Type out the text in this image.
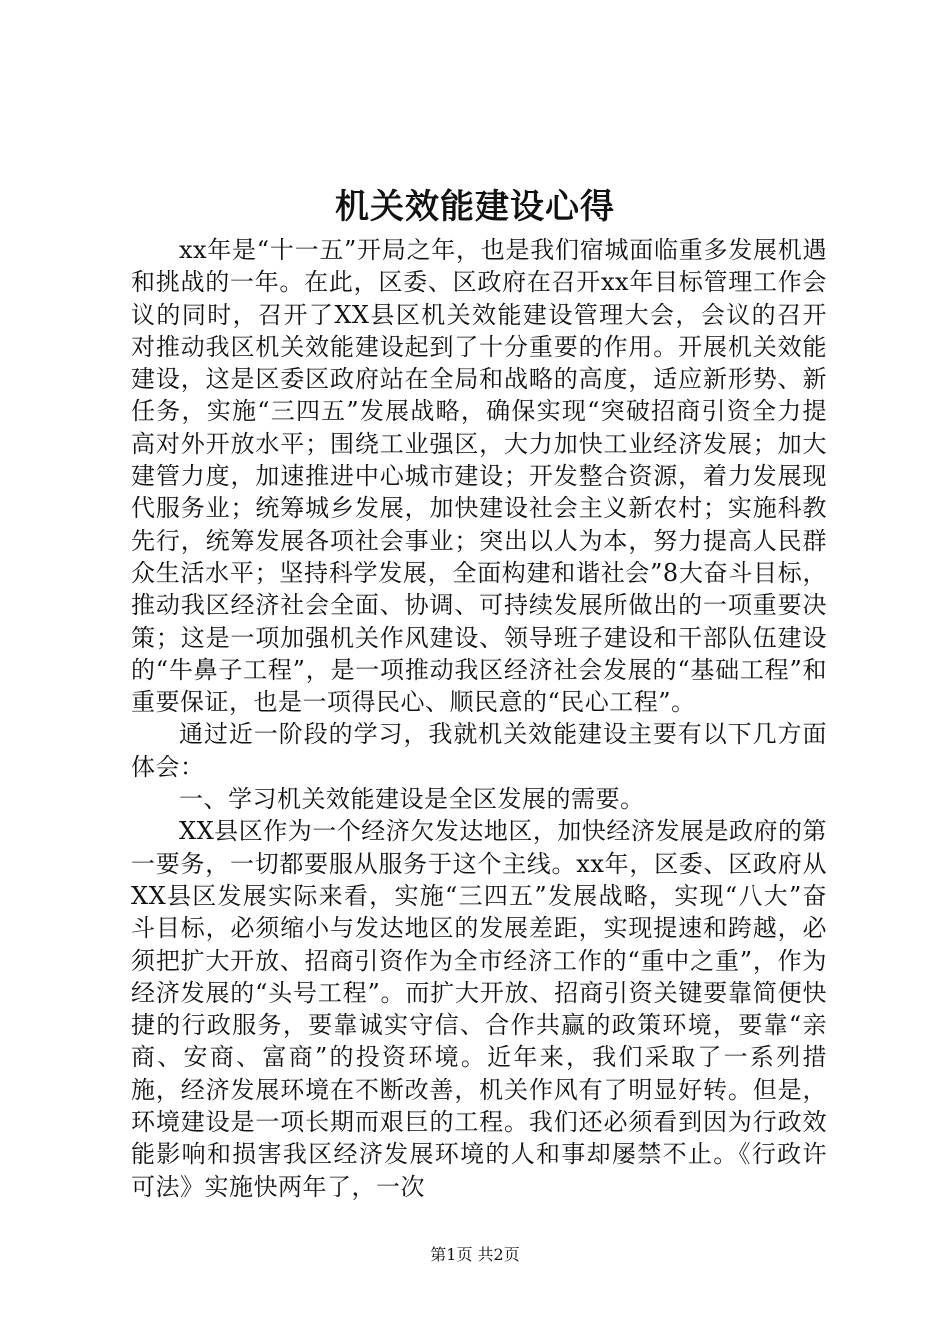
机关效能建设心得

xx年是“十一五”开局之年，也是我们宿城面临重多发展机遇和挑战的一年。在此，区委、区政府在召开xx年目标管理工作会议的同时，召开了XX县区机关效能建设管理大会，会议的召开对推动我区机关效能建设起到了十分重要的作用。开展机关效能建设，这是区委区政府站在全局和战略的高度，适应新形势、新任务，实施“三四五”发展战略，确保实现“突破招商引资全力提高对外开放水平；围绕工业强区，大力加快工业经济发展；加大建管力度，加速推进中心城市建设；开发整合资源，着力发展现代服务业；统筹城乡发展，加快建设社会主义新农村；实施科教先行，统筹发展各项社会事业；突出以人为本，努力提高人民群众生活水平；坚持科学发展，全面构建和谐社会”8大奋斗目标，推动我区经济社会全面、协调、可持续发展所做出的一项重要决策；这是一项加强机关作风建设、领导班子建设和干部队伍建设的“牛鼻子工程”，是一项推动我区经济社会发展的“基础工程”和重要保证，也是一项得民心、顺民意的“民心工程”。

通过近一阶段的学习，我就机关效能建设主要有以下几方面体会：

一、学习机关效能建设是全区发展的需要。

XX县区作为一个经济欠发达地区，加快经济发展是政府的第一要务，一切都要服从服务于这个主线。xx年，区委、区政府从XX县区发展实际来看，实施“三四五”发展战略，实现“八大”奋斗目标，必须缩小与发达地区的发展差距，实现提速和跨越，必须把扩大开放、招商引资作为全市经济工作的“重中之重”，作为经济发展的“头号工程”。而扩大开放、招商引资关键要靠简便快捷的行政服务，要靠诚实守信、合作共赢的政策环境，要靠“亲商、安商、富商”的投资环境。近年来，我们采取了一系列措施，经济发展环境在不断改善，机关作风有了明显好转。但是，环境建设是一项长期而艰巨的工程。我们还必须看到因为行政效能影响和损害我区经济发展环境的人和事却屡禁不止。《行政许可法》实施快两年了，一次

第1页 共2页
